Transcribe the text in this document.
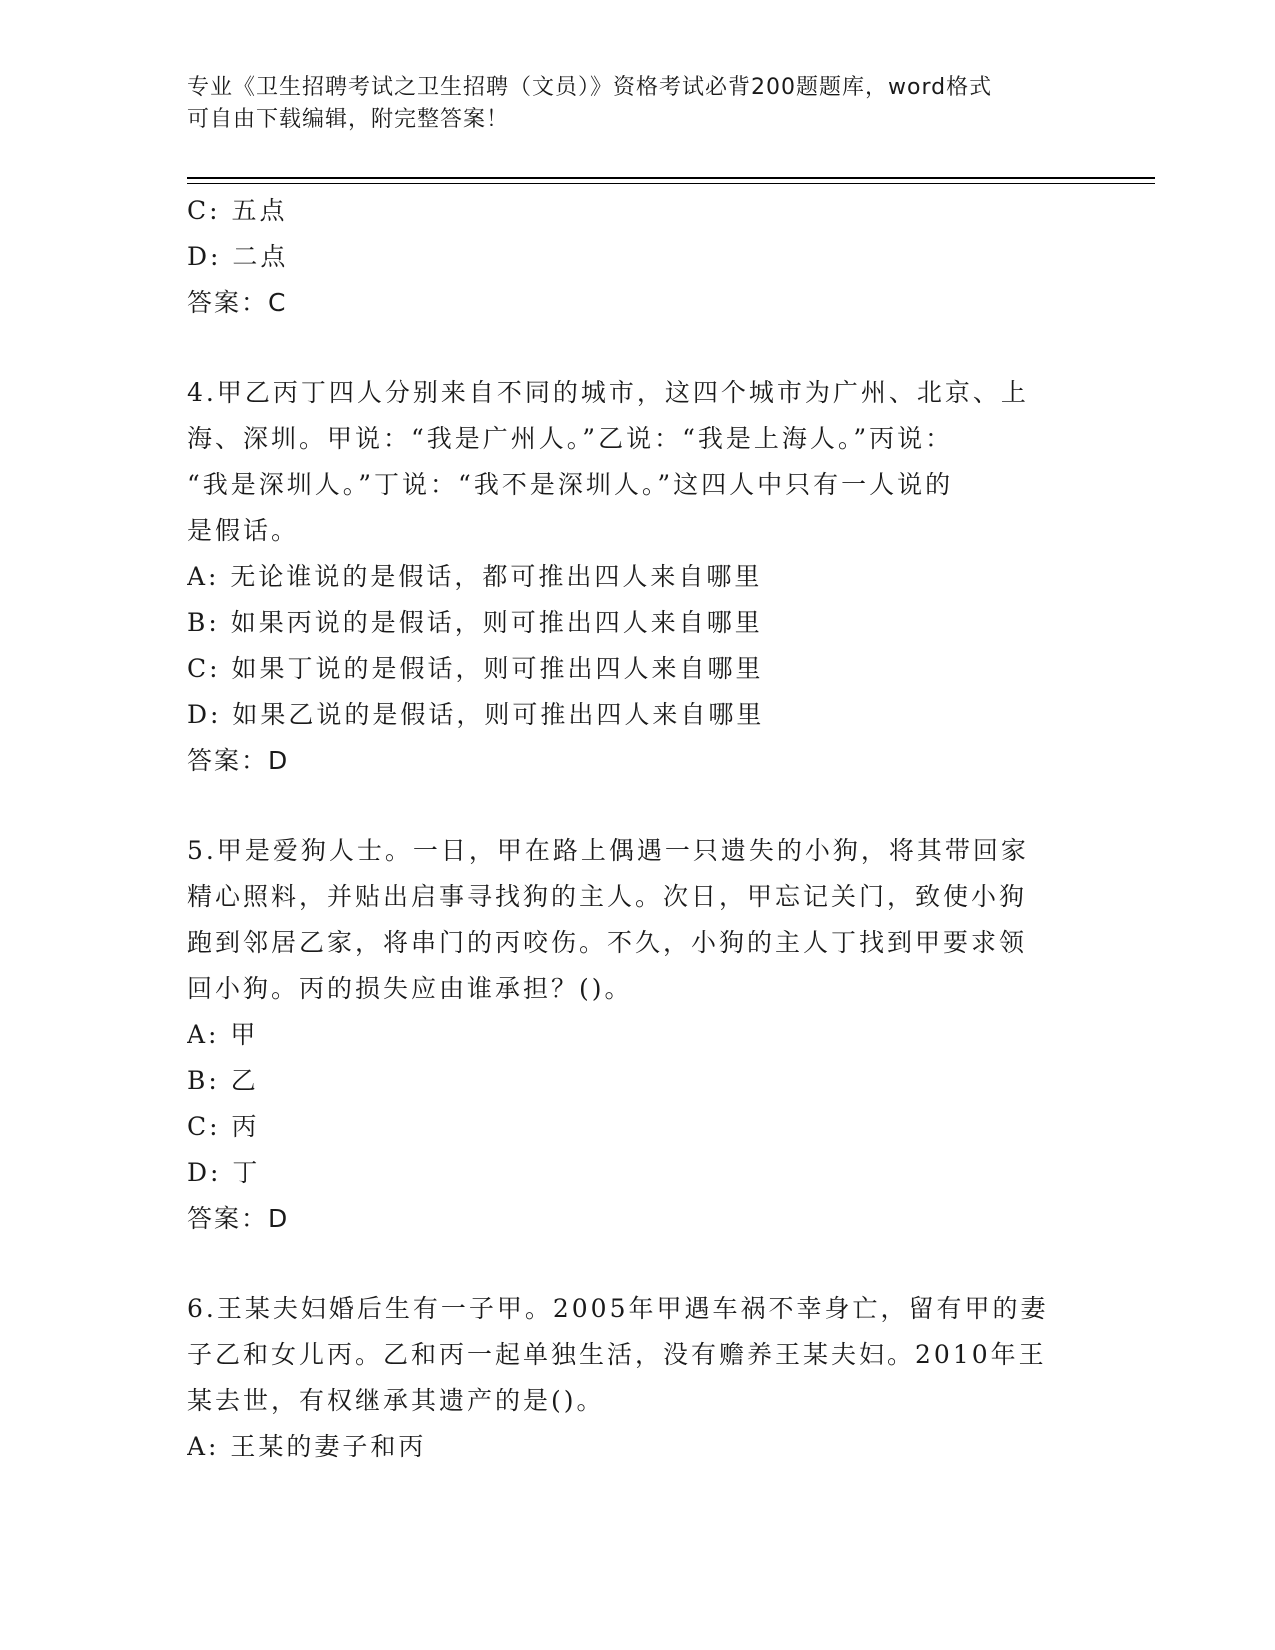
专业《卫生招聘考试之卫生招聘（文员）》资格考试必背200题题库，word格式
可自由下载编辑，附完整答案！
C: 五点
D: 二点
答案：C
4.甲乙丙丁四人分别来自不同的城市，这四个城市为广州、北京、上
海、深圳。甲说：“我是广州人。”乙说：“我是上海人。”丙说：
“我是深圳人。”丁说：“我不是深圳人。”这四人中只有一人说的
是假话。
A: 无论谁说的是假话，都可推出四人来自哪里
B: 如果丙说的是假话，则可推出四人来自哪里
C: 如果丁说的是假话，则可推出四人来自哪里
D: 如果乙说的是假话，则可推出四人来自哪里
答案：D
5.甲是爱狗人士。一日，甲在路上偶遇一只遗失的小狗，将其带回家
精心照料，并贴出启事寻找狗的主人。次日，甲忘记关门，致使小狗
跑到邻居乙家，将串门的丙咬伤。不久，小狗的主人丁找到甲要求领
回小狗。丙的损失应由谁承担？()。
A: 甲
B: 乙
C: 丙
D: 丁
答案：D
6.王某夫妇婚后生有一子甲。2005年甲遇车祸不幸身亡，留有甲的妻
子乙和女儿丙。乙和丙一起单独生活，没有赡养王某夫妇。2010年王
某去世，有权继承其遗产的是()。
A: 王某的妻子和丙
